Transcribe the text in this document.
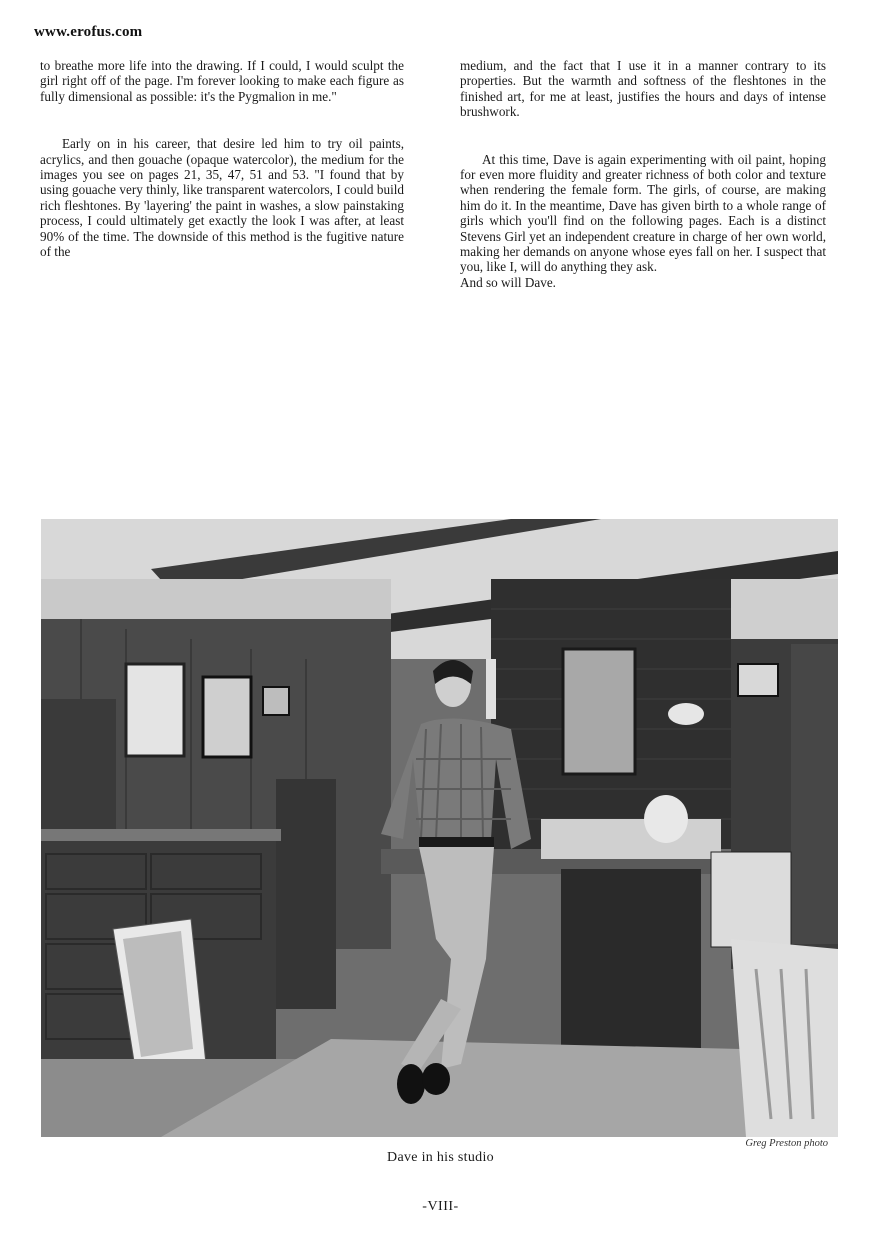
www.erofus.com

to breathe more life into the drawing. If I could, I would sculpt the girl right off of the page. I'm forever looking to make each figure as fully dimensional as possible: it's the Pygmalion in me."

Early on in his career, that desire led him to try oil paints, acrylics, and then gouache (opaque watercolor), the medium for the images you see on pages 21, 35, 47, 51 and 53. "I found that by using gouache very thinly, like transparent watercolors, I could build rich fleshtones. By 'layering' the paint in washes, a slow painstaking process, I could ultimately get exactly the look I was after, at least 90% of the time. The downside of this method is the fugitive nature of the

medium, and the fact that I use it in a manner contrary to its properties. But the warmth and softness of the fleshtones in the finished art, for me at least, justifies the hours and days of intense brushwork.

At this time, Dave is again experimenting with oil paint, hoping for even more fluidity and greater richness of both color and texture when rendering the female form. The girls, of course, are making him do it. In the meantime, Dave has given birth to a whole range of girls which you'll find on the following pages. Each is a distinct Stevens Girl yet an independent creature in charge of her own world, making her demands on anyone whose eyes fall on her. I suspect that you, like I, will do anything they ask.

And so will Dave.

Greg Preston photo
Dave in his studio
-VIII-
